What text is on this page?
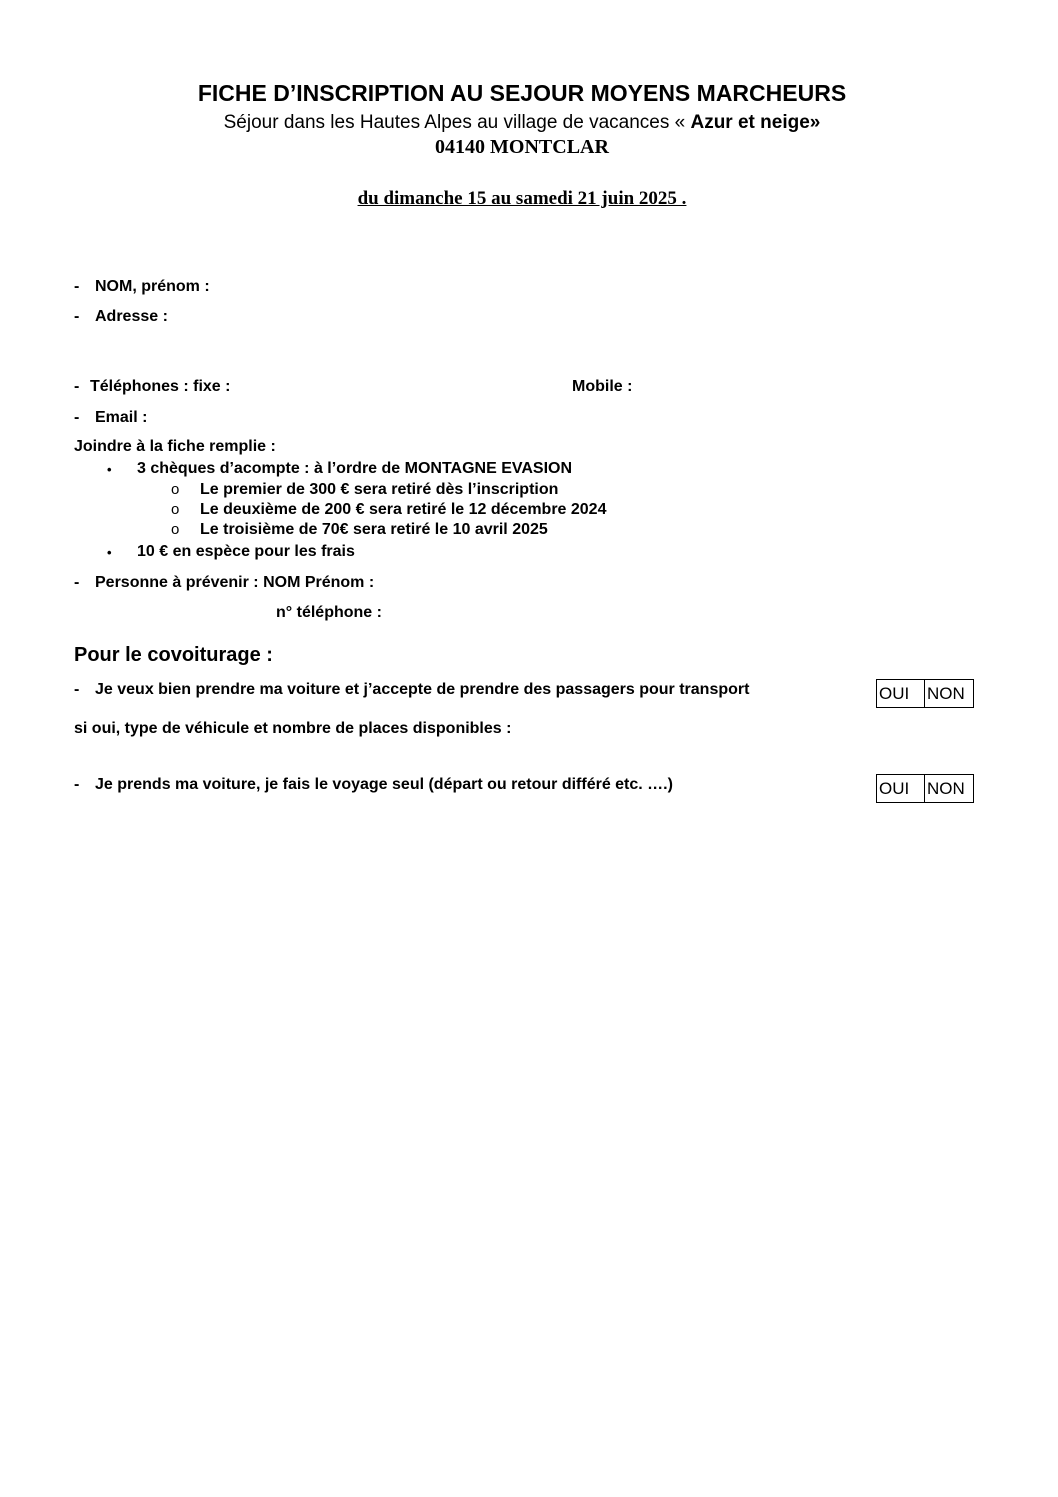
FICHE D’INSCRIPTION AU SEJOUR MOYENS MARCHEURS
Séjour dans les Hautes Alpes au village de vacances « Azur et neige»
04140 MONTCLAR
du dimanche 15 au samedi 21 juin 2025 .
- NOM, prénom :
- Adresse :
- Téléphones : fixe :	Mobile :
- Email :
Joindre à la fiche remplie :
• 3 chèques d’acompte : à l’ordre de MONTAGNE EVASION
o Le premier de 300 € sera retiré dès l’inscription
o Le deuxième de 200 € sera retiré le 12 décembre 2024
o Le troisième de 70€ sera retiré le 10 avril 2025
• 10 € en espèce pour les frais
- Personne à prévenir : NOM Prénom :
n° téléphone :
Pour le covoiturage :
- Je veux bien prendre ma voiture et j’accepte de prendre des passagers pour transport	OUI	NON
si oui, type de véhicule et nombre de places disponibles :
- Je prends ma voiture, je fais le voyage seul (départ ou retour différé etc. ….)	OUI	NON
